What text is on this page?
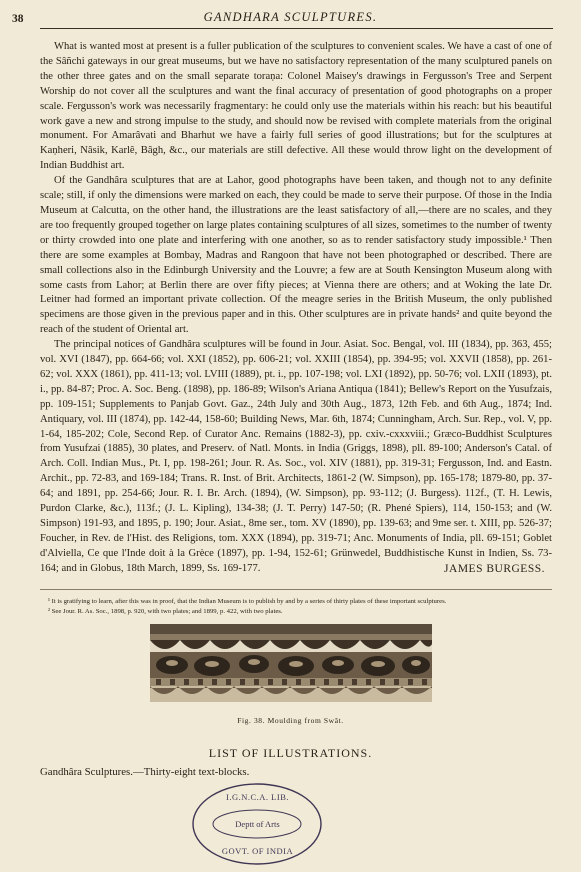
38	GANDHARA SCULPTURES.

What is wanted most at present is a fuller publication of the sculptures to convenient scales. We have a cast of one of the Sâñchi gateways in our great museums, but we have no satisfactory representation of the many sculptured panels on the other three gates and on the small separate toraṇa: Colonel Maisey's drawings in Fergusson's Tree and Serpent Worship do not cover all the sculptures and want the final accuracy of presentation of good photographs on a proper scale. Fergusson's work was necessarily fragmentary: he could only use the materials within his reach: but his beautiful work gave a new and strong impulse to the study, and should now be revised with complete materials from the original monument. For Amarâvati and Bharhut we have a fairly full series of good illustrations; but for the sculptures at Kaṇheri, Nâsik, Karlê, Bâgh, &c., our materials are still defective. All these would throw light on the development of Indian Buddhist art.

Of the Gandhâra sculptures that are at Lahor, good photographs have been taken, and though not to any definite scale; still, if only the dimensions were marked on each, they could be made to serve their purpose. Of those in the India Museum at Calcutta, on the other hand, the illustrations are the least satisfactory of all,—there are no scales, and they are too frequently grouped together on large plates containing sculptures of all sizes, sometimes to the number of twenty or thirty crowded into one plate and interfering with one another, so as to render satisfactory study impossible.¹ Then there are some examples at Bombay, Madras and Rangoon that have not been photographed or described. There are small collections also in the Edinburgh University and the Louvre; a few are at South Kensington Museum along with some casts from Lahor; at Berlin there are over fifty pieces; at Vienna there are others; and at Woking the late Dr. Leitner had formed an important private collection. Of the meagre series in the British Museum, the only published specimens are those given in the previous paper and in this. Other sculptures are in private hands² and quite beyond the reach of the student of Oriental art.

The principal notices of Gandhâra sculptures will be found in Jour. Asiat. Soc. Bengal, vol. III (1834), pp. 363, 455; vol. XVI (1847), pp. 664-66; vol. XXI (1852), pp. 606-21; vol. XXIII (1854), pp. 394-95; vol. XXVII (1858), pp. 261-62; vol. XXX (1861), pp. 411-13; vol. LVIII (1889), pt. i., pp. 107-198; vol. LXI (1892), pp. 50-76; vol. LXII (1893), pt. i., pp. 84-87; Proc. A. Soc. Beng. (1898), pp. 186-89; Wilson's Ariana Antiqua (1841); Bellew's Report on the Yusufzais, pp. 109-151; Supplements to Panjab Govt. Gaz., 24th July and 30th Aug., 1873, 12th Feb. and 6th Aug., 1874; Ind. Antiquary, vol. III (1874), pp. 142-44, 158-60; Building News, Mar. 6th, 1874; Cunningham, Arch. Sur. Rep., vol. V, pp. 1-64, 185-202; Cole, Second Rep. of Curator Anc. Remains (1882-3), pp. cxiv.-cxxxviii.; Græco-Buddhist Sculptures from Yusufzai (1885), 30 plates, and Preserv. of Natl. Monts. in India (Griggs, 1898), pll. 89-100; Anderson's Catal. of Arch. Coll. Indian Mus., Pt. I, pp. 198-261; Jour. R. As. Soc., vol. XIV (1881), pp. 319-31; Fergusson, Ind. and Eastn. Archit., pp. 72-83, and 169-184; Trans. R. Inst. of Brit. Architects, 1861-2 (W. Simpson), pp. 165-178; 1879-80, pp. 37-64; and 1891, pp. 254-66; Jour. R. I. Br. Arch. (1894), (W. Simpson), pp. 93-112; (J. Burgess). 112f., (T. H. Lewis, Purdon Clarke, &c.), 113f.; (J. L. Kipling), 134-38; (J. T. Perry) 147-50; (R. Phené Spiers), 114, 150-153; and (W. Simpson) 191-93, and 1895, p. 190; Jour. Asiat., 8me ser., tom. XV (1890), pp. 139-63; and 9me ser. t. XIII, pp. 526-37; Foucher, in Rev. de l'Hist. des Religions, tom. XXX (1894), pp. 319-71; Anc. Monuments of India, pll. 69-151; Goblet d'Alviella, Ce que l'Inde doit à la Grèce (1897), pp. 1-94, 152-61; Grünwedel, Buddhistische Kunst in Indien, Ss. 73-164; and in Globus, 18th March, 1899, Ss. 169-177.	JAMES BURGESS.
¹ It is gratifying to learn, after this was in proof, that the Indian Museum is to publish by and by a series of thirty plates of these important sculptures.
² See Jour. R. As. Soc., 1898, p. 920, with two plates; and 1899, p. 422, with two plates.
Fig. 38. Moulding from Swât.
LIST OF ILLUSTRATIONS.
Gandhâra Sculptures.—Thirty-eight text-blocks.
I.G.N.C.A. LIB.
Deptt of Arts
GOVT. OF INDIA
